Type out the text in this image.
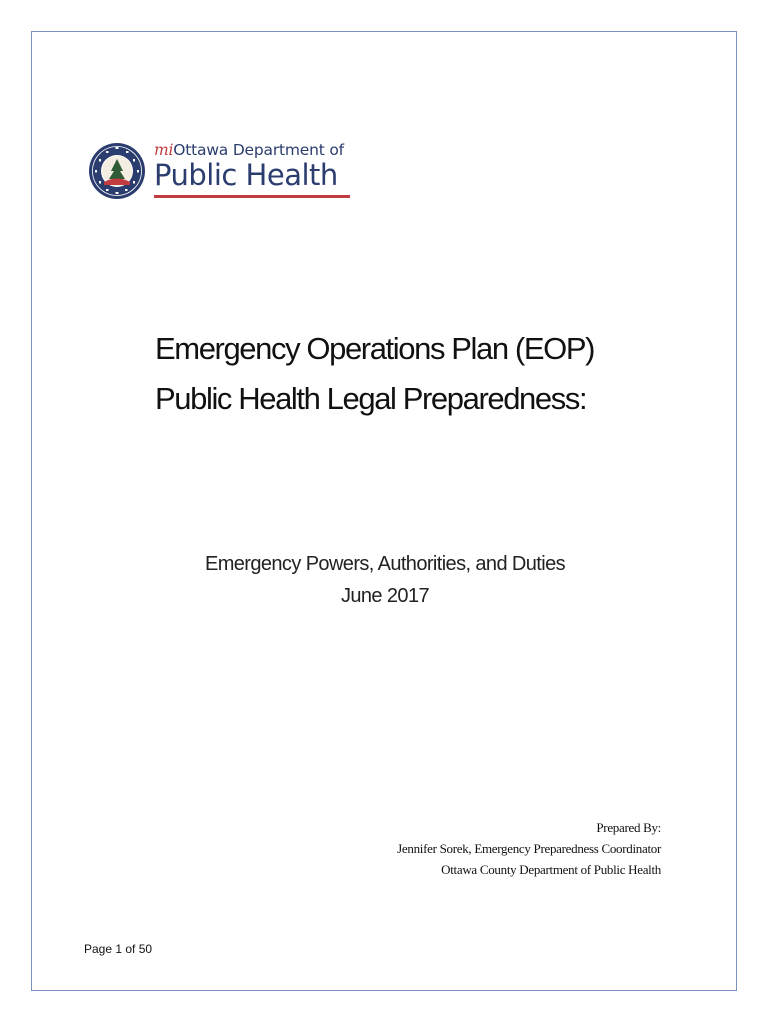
miOttawa Department of
Public Health
Emergency Operations Plan (EOP)
Public Health Legal Preparedness:
Emergency Powers, Authorities, and Duties
June 2017
Prepared By:
Jennifer Sorek, Emergency Preparedness Coordinator
Ottawa County Department of Public Health
Page 1 of 50
